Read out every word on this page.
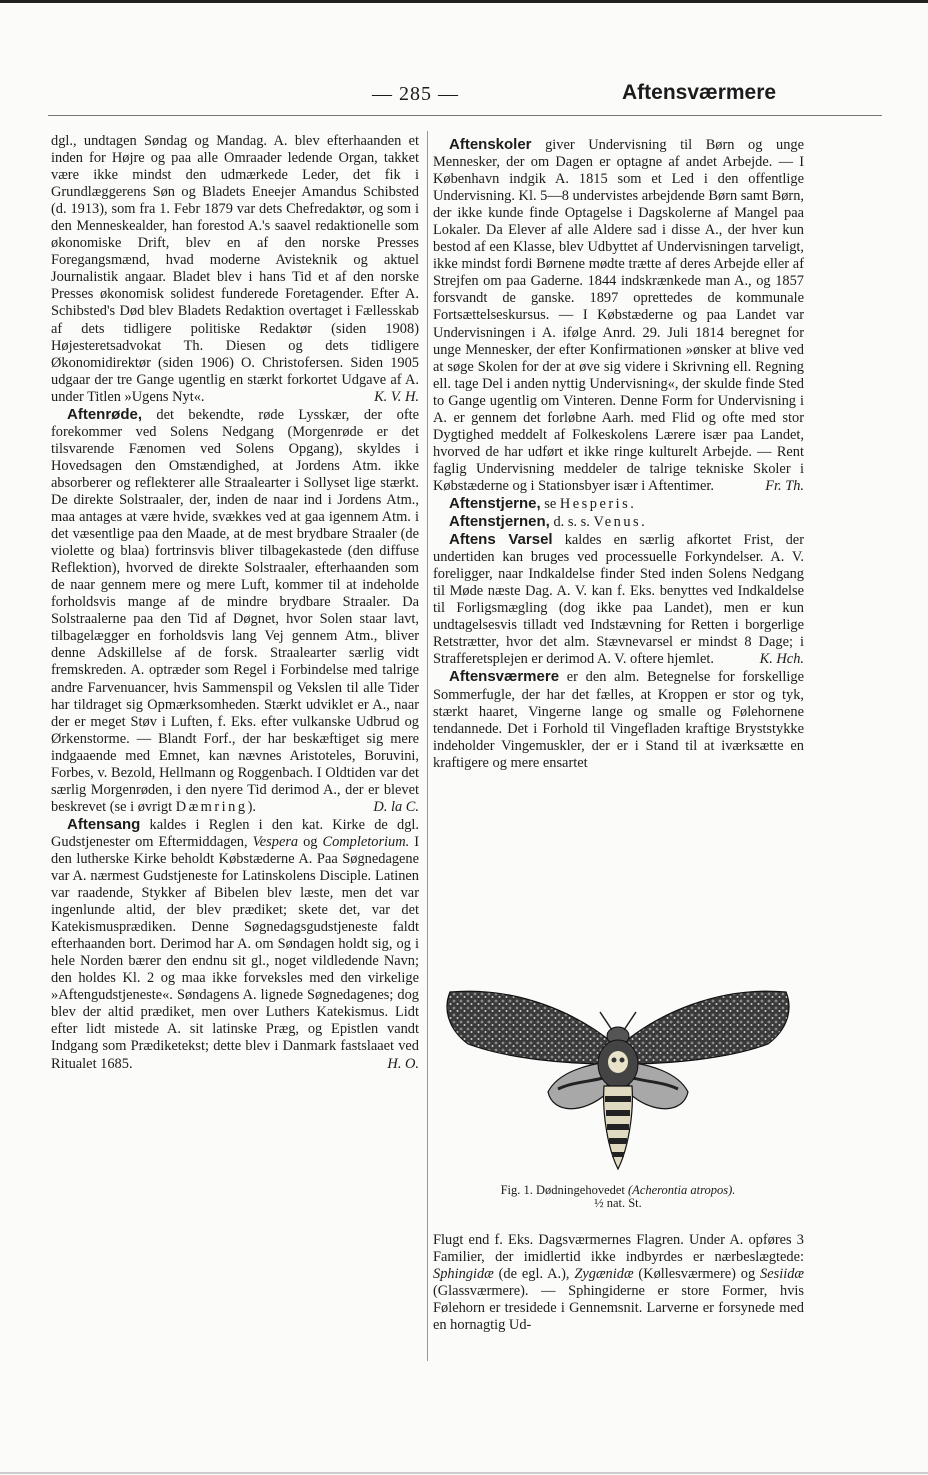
— 285 —	Aftensværmere

dgl., undtagen Søndag og Mandag. A. blev efterhaanden et inden for Højre og paa alle Omraader ledende Organ, takket være ikke mindst den udmærkede Leder, det fik i Grundlæggerens Søn og Bladets Eneejer Amandus Schibsted (d. 1913), som fra 1. Febr 1879 var dets Chefredaktør, og som i den Menneskealder, han forestod A.'s saavel redaktionelle som økonomiske Drift, blev en af den norske Presses Foregangsmænd, hvad moderne Avisteknik og aktuel Journalistik angaar. Bladet blev i hans Tid et af den norske Presses økonomisk solidest funderede Foretagender. Efter A. Schibsted's Død blev Bladets Redaktion overtaget i Fællesskab af dets tidligere politiske Redaktør (siden 1908) Højesteretsadvokat Th. Diesen og dets tidligere Økonomidirektør (siden 1906) O. Christofersen. Siden 1905 udgaar der tre Gange ugentlig en stærkt forkortet Udgave af A. under Titlen »Ugens Nyt«.	K. V. H.

Aftenrøde, det bekendte, røde Lysskær, der ofte forekommer ved Solens Nedgang (Morgenrøde er det tilsvarende Fænomen ved Solens Opgang), skyldes i Hovedsagen den Omstændighed, at Jordens Atm. ikke absorberer og reflekterer alle Straalearter i Sollyset lige stærkt. De direkte Solstraaler, der, inden de naar ind i Jordens Atm., maa antages at være hvide, svækkes ved at gaa igennem Atm. i det væsentlige paa den Maade, at de mest brydbare Straaler (de violette og blaa) fortrinsvis bliver tilbagekastede (den diffuse Reflektion), hvorved de direkte Solstraaler, efterhaanden som de naar gennem mere og mere Luft, kommer til at indeholde forholdsvis mange af de mindre brydbare Straaler. Da Solstraalerne paa den Tid af Døgnet, hvor Solen staar lavt, tilbagelægger en forholdsvis lang Vej gennem Atm., bliver denne Adskillelse af de forsk. Straalearter særlig vidt fremskreden. A. optræder som Regel i Forbindelse med talrige andre Farvenuancer, hvis Sammenspil og Vekslen til alle Tider har tildraget sig Opmærksomheden. Stærkt udviklet er A., naar der er meget Støv i Luften, f. Eks. efter vulkanske Udbrud og Ørkenstorme. — Blandt Forf., der har beskæftiget sig mere indgaaende med Emnet, kan nævnes Aristoteles, Boruvini, Forbes, v. Bezold, Hellmann og Roggenbach. I Oldtiden var det særlig Morgenrøden, i den nyere Tid derimod A., der er blevet beskrevet (se i øvrigt Dæmring).	D. la C.

Aftensang kaldes i Reglen i den kat. Kirke de dgl. Gudstjenester om Eftermiddagen, Vespera og Completorium. I den lutherske Kirke beholdt Købstæderne A. Paa Søgnedagene var A. nærmest Gudstjeneste for Latinskolens Disciple. Latinen var raadende, Stykker af Bibelen blev læste, men det var ingenlunde altid, der blev prædiket; skete det, var det Katekismusprædiken. Denne Søgnedagsgudstjeneste faldt efterhaanden bort. Derimod har A. om Søndagen holdt sig, og i hele Norden bærer den endnu sit gl., noget vildledende Navn; den holdes Kl. 2 og maa ikke forveksles med den virkelige »Aftengudstjeneste«. Søndagens A. lignede Søgnedagenes; dog blev der altid prædiket, men over Luthers Katekismus. Lidt efter lidt mistede A. sit latinske Præg, og Epistlen vandt Indgang som Prædiketekst; dette blev i Danmark fastslaaet ved Ritualet 1685.	H. O.

Aftenskoler giver Undervisning til Børn og unge Mennesker, der om Dagen er optagne af andet Arbejde. — I København indgik A. 1815 som et Led i den offentlige Undervisning. Kl. 5—8 undervistes arbejdende Børn samt Børn, der ikke kunde finde Optagelse i Dagskolerne af Mangel paa Lokaler. Da Elever af alle Aldere sad i disse A., der hver kun bestod af een Klasse, blev Udbyttet af Undervisningen tarveligt, ikke mindst fordi Børnene mødte trætte af deres Arbejde eller af Strejfen om paa Gaderne. 1844 indskrænkede man A., og 1857 forsvandt de ganske. 1897 oprettedes de kommunale Fortsættelseskursus. — I Købstæderne og paa Landet var Undervisningen i A. ifølge Anrd. 29. Juli 1814 beregnet for unge Mennesker, der efter Konfirmationen »ønsker at blive ved at søge Skolen for der at øve sig videre i Skrivning ell. Regning ell. tage Del i anden nyttig Undervisning«, der skulde finde Sted to Gange ugentlig om Vinteren. Denne Form for Undervisning i A. er gennem det forløbne Aarh. med Flid og ofte med stor Dygtighed meddelt af Folkeskolens Lærere især paa Landet, hvorved de har udført et ikke ringe kulturelt Arbejde. — Rent faglig Undervisning meddeler de talrige tekniske Skoler i Købstæderne og i Stationsbyer især i Aftentimer.	Fr. Th.

Aftenstjerne, se Hesperis.

Aftenstjernen, d. s. s. Venus.

Aftens Varsel kaldes en særlig afkortet Frist, der undertiden kan bruges ved processuelle Forkyndelser. A. V. foreligger, naar Indkaldelse finder Sted inden Solens Nedgang til Møde næste Dag. A. V. kan f. Eks. benyttes ved Indkaldelse til Forligsmægling (dog ikke paa Landet), men er kun undtagelsesvis tilladt ved Indstævning for Retten i borgerlige Retstrætter, hvor det alm. Stævnevarsel er mindst 8 Dage; i Strafferetsplejen er derimod A. V. oftere hjemlet.	K. Hch.

Aftensværmere er den alm. Betegnelse for forskellige Sommerfugle, der har det fælles, at Kroppen er stor og tyk, stærkt haaret, Vingerne lange og smalle og Følehornene tendannede. Det i Forhold til Vingefladen kraftige Bryststykke indeholder Vingemuskler, der er i Stand til at iværksætte en kraftigere og mere ensartet

Fig. 1. Dødningehovedet (Acherontia atropos).
½ nat. St.

Flugt end f. Eks. Dagsværmernes Flagren. Under A. opføres 3 Familier, der imidlertid ikke indbyrdes er nærbeslægtede: Sphingidæ (de egl. A.), Zygænidæ (Køllesværmere) og Sesiidæ (Glassværmere). — Sphingiderne er store Former, hvis Følehorn er tresidede i Gennemsnit. Larverne er forsynede med en hornagtig Ud-
